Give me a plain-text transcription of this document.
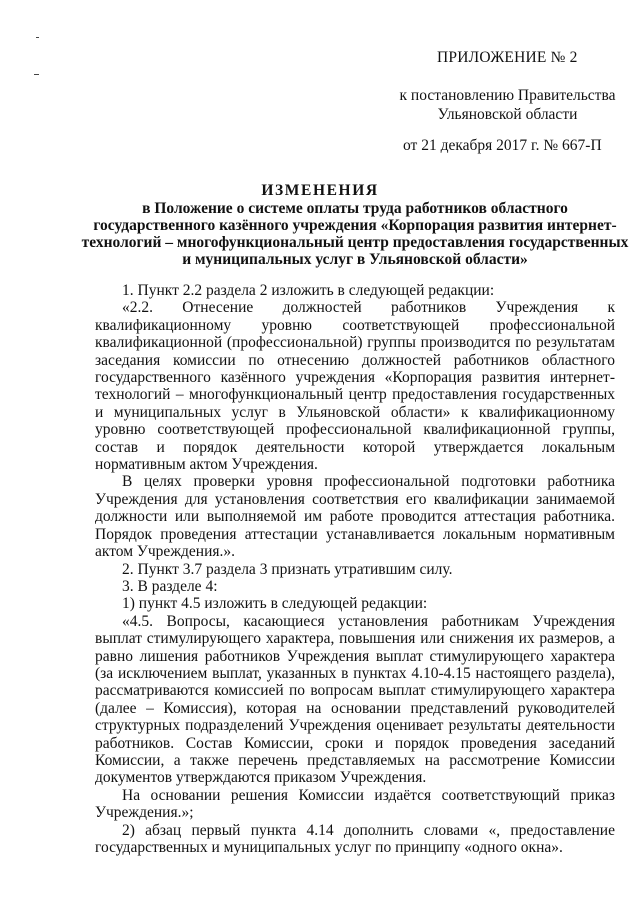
ПРИЛОЖЕНИЕ № 2
к постановлению Правительства
Ульяновской области
от 21 декабря 2017 г. № 667-П
ИЗМЕНЕНИЯ
в Положение о системе оплаты труда работников областного государственного казённого учреждения «Корпорация развития интернет-технологий – многофункциональный центр предоставления государственных и муниципальных услуг в Ульяновской области»

1. Пункт 2.2 раздела 2 изложить в следующей редакции:

«2.2. Отнесение должностей работников Учреждения к квалификационному уровню соответствующей профессиональной квалификационной (профессиональной) группы производится по результатам заседания комиссии по отнесению должностей работников областного государственного казённого учреждения «Корпорация развития интернет-технологий – многофункциональный центр предоставления государственных и муниципальных услуг в Ульяновской области» к квалификационному уровню соответствующей профессиональной квалификационной группы, состав и порядок деятельности которой утверждается локальным нормативным актом Учреждения.

В целях проверки уровня профессиональной подготовки работника Учреждения для установления соответствия его квалификации занимаемой должности или выполняемой им работе проводится аттестация работника. Порядок проведения аттестации устанавливается локальным нормативным актом Учреждения.».

2. Пункт 3.7 раздела 3 признать утратившим силу.

3. В разделе 4:

1) пункт 4.5 изложить в следующей редакции:

«4.5. Вопросы, касающиеся установления работникам Учреждения выплат стимулирующего характера, повышения или снижения их размеров, а равно лишения работников Учреждения выплат стимулирующего характера (за исключением выплат, указанных в пунктах 4.10-4.15 настоящего раздела), рассматриваются комиссией по вопросам выплат стимулирующего характера (далее – Комиссия), которая на основании представлений руководителей структурных подразделений Учреждения оценивает результаты деятельности работников. Состав Комиссии, сроки и порядок проведения заседаний Комиссии, а также перечень представляемых на рассмотрение Комиссии документов утверждаются приказом Учреждения.

На основании решения Комиссии издаётся соответствующий приказ Учреждения.»;

2) абзац первый пункта 4.14 дополнить словами «, предоставление государственных и муниципальных услуг по принципу «одного окна».
